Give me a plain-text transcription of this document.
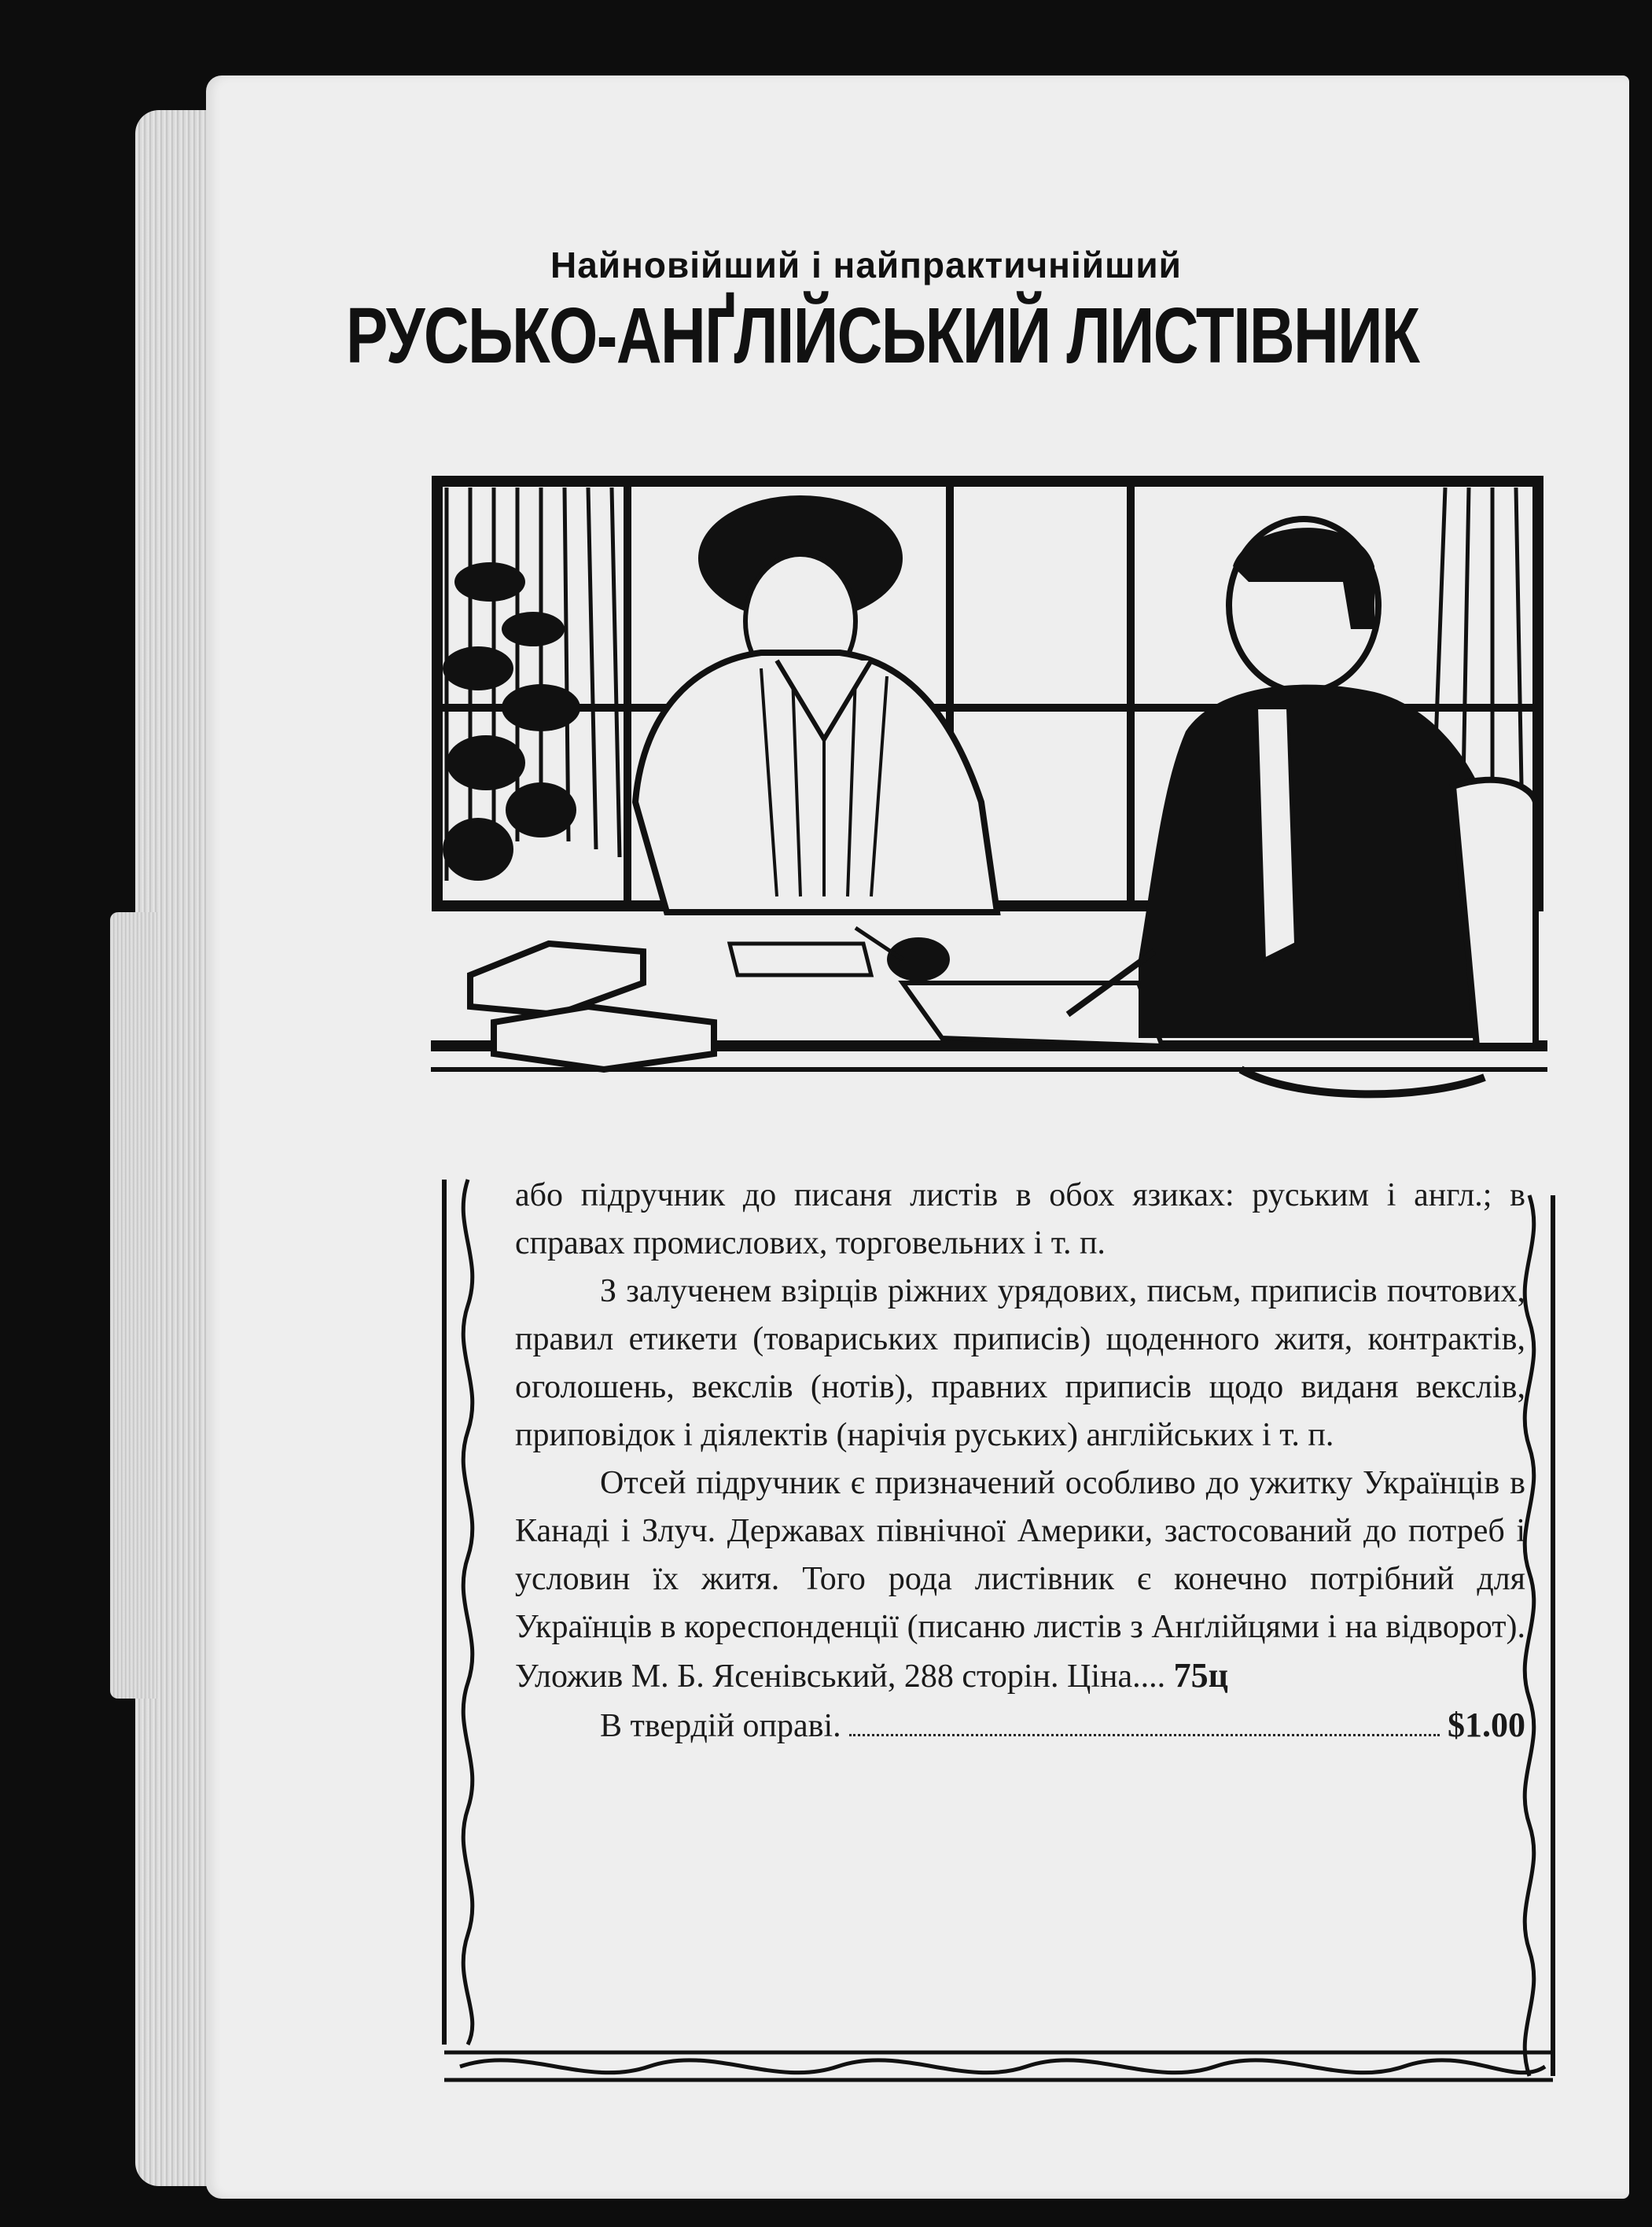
Найновійший і найпрактичнійший
РУСЬКО-АНҐЛІЙСЬКИЙ ЛИСТІВНИК

або підручник до писаня листів в обох язиках: руським і англ.; в справах промислових, торговельних і т. п.

З залученем взірців ріжних урядових, письм, приписів почтових, правил етикети (товариських приписів) щоденного житя, контрактів, оголошень, векслів (нотів), правних приписів щодо виданя векслів, приповідок і діялектів (нарічія руських) англійських і т. п.

Отсей підручник є призначений особливо до ужитку Українців в Канаді і Злуч. Державах північної Америки, застосований до потреб і условин їх житя. Того рода листівник є конечно потрібний для Українців в кореспонденції (писаню листів з Анґлійцями і на відворот). Уложив М. Б. Ясенівський, 288 сторін. Ціна.... 75ц

В твердій оправі.	$1.00
